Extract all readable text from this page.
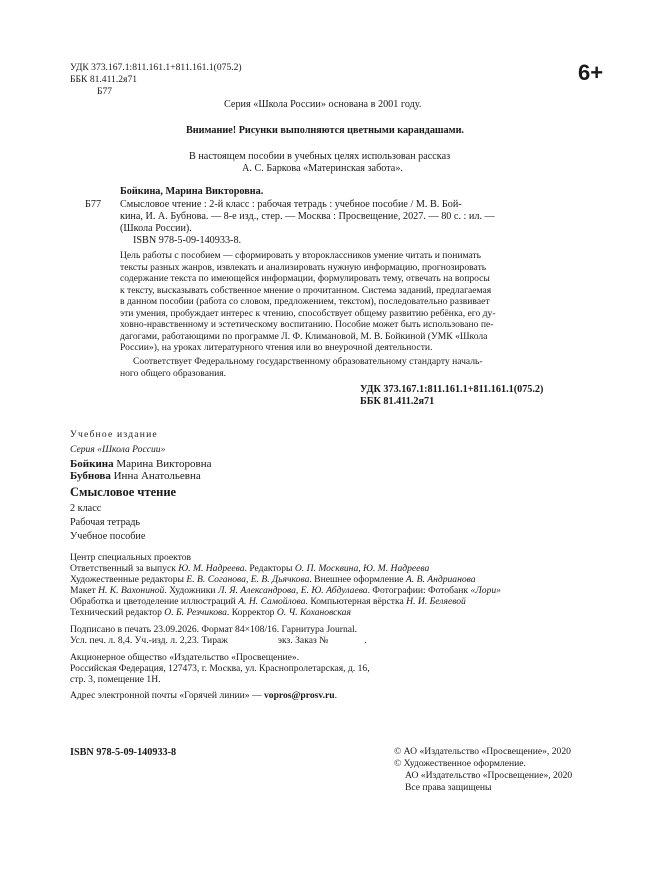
УДК 373.167.1:811.161.1+811.161.1(075.2)
ББК 81.411.2я71
Б77
6+
Серия «Школа России» основана в 2001 году.
Внимание! Рисунки выполняются цветными карандашами.
В настоящем пособии в учебных целях использован рассказ
А. С. Баркова «Материнская забота».
Бойкина, Марина Викторовна.
Б77 Смысловое чтение : 2-й класс : рабочая тетрадь : учебное пособие / М. В. Бой-
кина, И. А. Бубнова. — 8-е изд., стер. — Москва : Просвещение, 2027. — 80 с. : ил. —
(Школа России).
ISBN 978-5-09-140933-8.
Цель работы с пособием — сформировать у второклассников умение читать и понимать
тексты разных жанров, извлекать и анализировать нужную информацию, прогнозировать
содержание текста по имеющейся информации, формулировать тему, отвечать на вопросы
к тексту, высказывать собственное мнение о прочитанном. Система заданий, предлагаемая
в данном пособии (работа со словом, предложением, текстом), последовательно развивает
эти умения, пробуждает интерес к чтению, способствует общему развитию ребёнка, его ду-
ховно-нравственному и эстетическому воспитанию. Пособие может быть использовано пе-
дагогами, работающими по программе Л. Ф. Климановой, М. В. Бойкиной (УМК «Школа
России»), на уроках литературного чтения или во внеурочной деятельности.
Соответствует Федеральному государственному образовательному стандарту началь-
ного общего образования.
УДК 373.167.1:811.161.1+811.161.1(075.2)
ББК 81.411.2я71
Учебное издание
Серия «Школа России»
Бойкина Марина Викторовна
Бубнова Инна Анатольевна
Смысловое чтение
2 класс
Рабочая тетрадь
Учебное пособие
Центр специальных проектов
Ответственный за выпуск Ю. М. Надреева. Редакторы О. П. Москвина, Ю. М. Надреева
Художественные редакторы Е. В. Соганова, Е. В. Дьячкова. Внешнее оформление А. В. Андрианова
Макет Н. К. Вахониной. Художники Л. Я. Александрова, Е. Ю. Абдулаева. Фотографии: Фотобанк «Лори»
Обработка и цветоделение иллюстраций А. Н. Самойлова. Компьютерная вёрстка Н. И. Беляевой
Технический редактор О. Б. Резчикова. Корректор О. Ч. Кохановская
Подписано в печать 23.09.2026. Формат 84×108/16. Гарнитура Journal.
Усл. печ. л. 8,4. Уч.-изд. л. 2,23. Тираж	экз. Заказ №	.
Акционерное общество «Издательство «Просвещение».
Российская Федерация, 127473, г. Москва, ул. Краснопролетарская, д. 16,
стр. 3, помещение 1Н.
Адрес электронной почты «Горячей линии» — vopros@prosv.ru.
ISBN 978-5-09-140933-8	© АО «Издательство «Просвещение», 2020
© Художественное оформление.
АО «Издательство «Просвещение», 2020
Все права защищены
